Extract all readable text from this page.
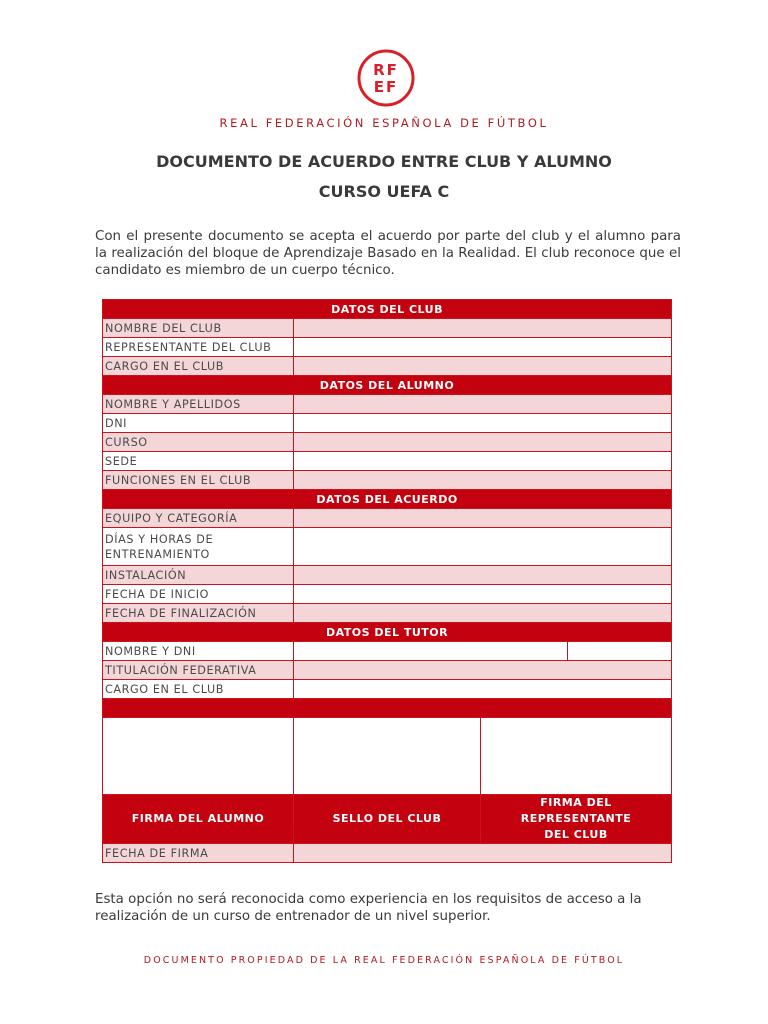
RF
EF
REAL FEDERACIÓN ESPAÑOLA DE FÚTBOL
DOCUMENTO DE ACUERDO ENTRE CLUB Y ALUMNO
CURSO UEFA C
Con el presente documento se acepta el acuerdo por parte del club y el alumno para la realización del bloque de Aprendizaje Basado en la Realidad. El club reconoce que el candidato es miembro de un cuerpo técnico.
DATOS DEL CLUB			
NOMBRE DEL CLUB			
REPRESENTANTE DEL CLUB			
CARGO EN EL CLUB			
DATOS DEL ALUMNO			
NOMBRE Y APELLIDOS			
DNI			
CURSO			
SEDE			
FUNCIONES EN EL CLUB			
DATOS DEL ACUERDO			
EQUIPO Y CATEGORÍA			
DÍAS Y HORAS DE ENTRENAMIENTO			
INSTALACIÓN			
FECHA DE INICIO			
FECHA DE FINALIZACIÓN			
DATOS DEL TUTOR			
NOMBRE Y DNI			
TITULACIÓN FEDERATIVA			
CARGO EN EL CLUB			

FIRMA DEL ALUMNO	SELLO DEL CLUB	FIRMA DEL REPRESENTANTE DEL CLUB	
FECHA DE FIRMA			
Esta opción no será reconocida como experiencia en los requisitos de acceso a la realización de un curso de entrenador de un nivel superior.
DOCUMENTO PROPIEDAD DE LA REAL FEDERACIÓN ESPAÑOLA DE FÚTBOL
